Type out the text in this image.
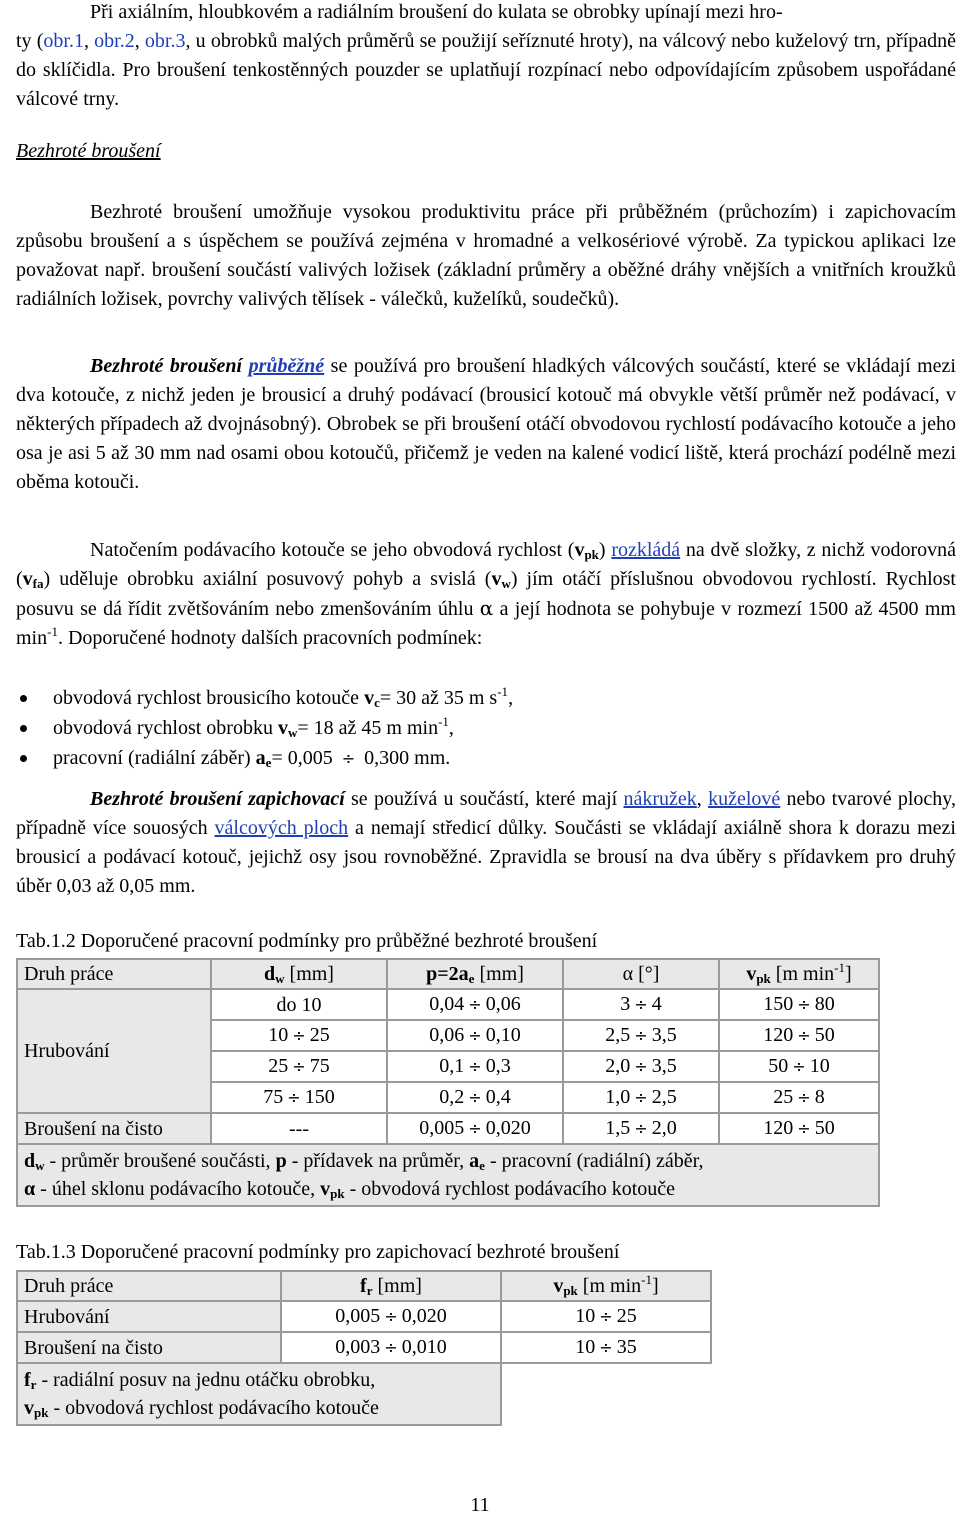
Při axiálním, hloubkovém a radiálním broušení do kulata se obrobky upínají mezi hro-

ty (obr.1, obr.2, obr.3, u obrobků malých průměrů se použijí seříznuté hroty), na válcový nebo kuželový trn, případně do sklíčidla. Pro broušení tenkostěnných pouzder se uplatňují rozpínací nebo odpovídajícím způsobem uspořádané válcové trny.

Bezhroté broušení

Bezhroté broušení umožňuje vysokou produktivitu práce při průběžném (průchozím) i zapichovacím způsobu broušení a s úspěchem se používá zejména v hromadné a velkosériové výrobě. Za typickou aplikaci lze považovat např. broušení součástí valivých ložisek (základní průměry a oběžné dráhy vnějších a vnitřních kroužků radiálních ložisek, povrchy valivých tělísek - válečků, kuželíků, soudečků).

Bezhroté broušení průběžné se používá pro broušení hladkých válcových součástí, které se vkládají mezi dva kotouče, z nichž jeden je brousicí a druhý podávací (brousicí kotouč má obvykle větší průměr než podávací, v některých případech až dvojnásobný). Obrobek se při broušení otáčí obvodovou rychlostí podávacího kotouče a jeho osa je asi 5 až 30 mm nad osami obou kotoučů, přičemž je veden na kalené vodicí liště, která prochází podélně mezi oběma kotouči.

Natočením podávacího kotouče se jeho obvodová rychlost $(v_{pk})$ rozkládá na dvě složky, z nichž vodorovná $(v_{fa})$ uděluje obrobku axiální posuvový pohyb a svislá $(v_w)$ jím otáčí příslušnou obvodovou rychlostí. Rychlost posuvu se dá řídit zvětšováním nebo zmenšováním úhlu α a její hodnota se pohybuje v rozmezí 1500 až 4500 mm $\min^{-1}$. Doporučené hodnoty dalších pracovních podmínek:

obvodová rychlost brousicího kotouče $v_c= 30$ až 35 m $s^{-1}$,
obvodová rychlost obrobku $v_w= 18$ až 45 m $\min^{-1}$,
pracovní (radiální záběr) $a_e= 0,005 \div 0,300$ mm.

Bezhroté broušení zapichovací se používá u součástí, které mají nákružek, kuželové nebo tvarové plochy, případně více souosých válcových ploch a nemají středicí důlky. Součásti se vkládají axiálně shora k dorazu mezi brousicí a podávací kotouč, jejichž osy jsou rovnoběžné. Zpravidla se brousí na dva úběry s přídavkem pro druhý úběr 0,03 až 0,05 mm.

Tab.1.2 Doporučené pracovní podmínky pro průběžné bezhroté broušení
Druh práce	$d_w$ [mm]	$p=2a_e$ [mm]	α [°]	$v_{pk}$ [m $\min^{-1}$]
Hrubování	do 10	0,04 ÷ 0,06	3 ÷ 4	150 ÷ 80
	10 ÷ 25	0,06 ÷ 0,10	2,5 ÷ 3,5	120 ÷ 50
	25 ÷ 75	0,1 ÷ 0,3	2,0 ÷ 3,5	50 ÷ 10
	75 ÷ 150	0,2 ÷ 0,4	1,0 ÷ 2,5	25 ÷ 8
Broušení na čisto	---	0,005 ÷ 0,020	1,5 ÷ 2,0	120 ÷ 50
$d_w$ - průměr broušené součásti, p - přídavek na průměr, $a_e$ - pracovní (radiální) záběr,
α - úhel sklonu podávacího kotouče, $v_{pk}$ - obvodová rychlost podávacího kotouče				
Tab.1.3 Doporučené pracovní podmínky pro zapichovací bezhroté broušení
Druh práce	$f_r$ [mm]	$v_{pk}$ [m $\min^{-1}$]
Hrubování	0,005 ÷ 0,020	10 ÷ 25
Broušení na čisto	0,003 ÷ 0,010	10 ÷ 35
$f_r$ - radiální posuv na jednu otáčku obrobku,
$v_{pk}$ - obvodová rychlost podávacího kotouče		
11
